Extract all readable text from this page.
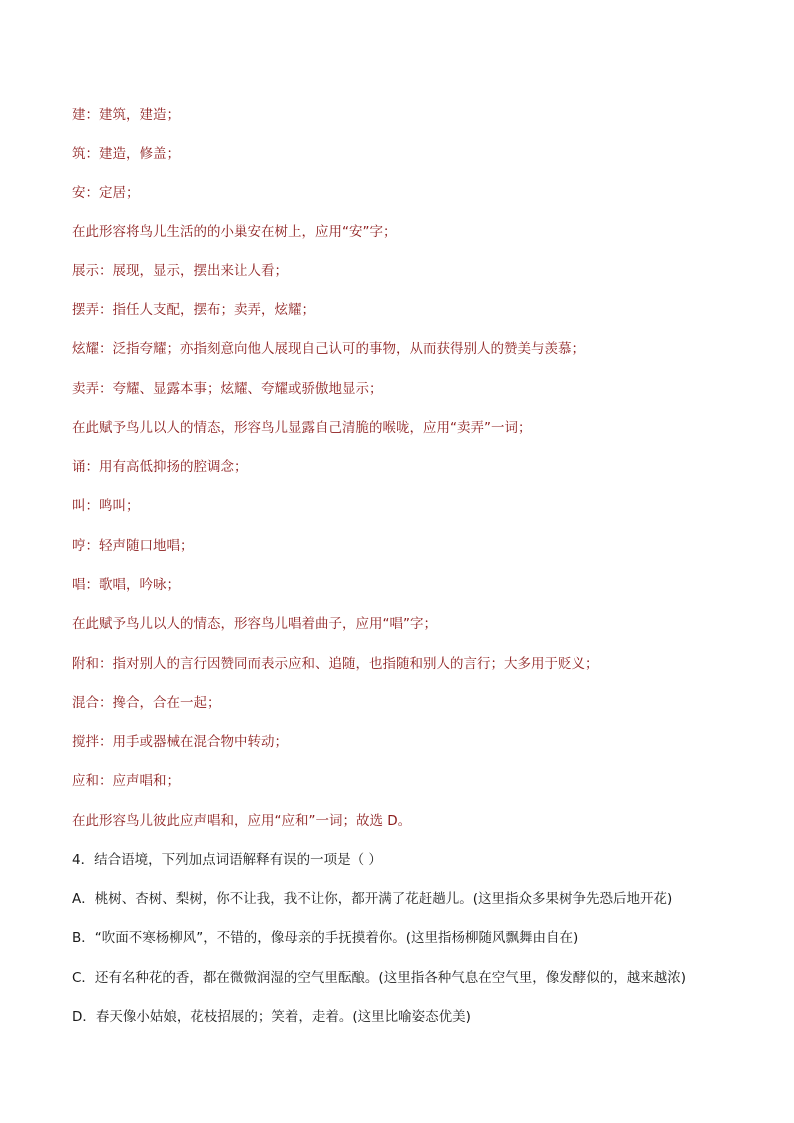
建：建筑，建造；
筑：建造，修盖；
安：定居；
在此形容将鸟儿生活的的小巢安在树上，应用“安”字；
展示：展现，显示，摆出来让人看；
摆弄：指任人支配，摆布；卖弄，炫耀；
炫耀：泛指夸耀；亦指刻意向他人展现自己认可的事物，从而获得别人的赞美与羡慕；
卖弄：夸耀、显露本事；炫耀、夸耀或骄傲地显示；
在此赋予鸟儿以人的情态，形容鸟儿显露自己清脆的喉咙，应用“卖弄”一词；
诵：用有高低抑扬的腔调念；
叫：鸣叫；
哼：轻声随口地唱；
唱：歌唱，吟咏；
在此赋予鸟儿以人的情态，形容鸟儿唱着曲子，应用“唱”字；
附和：指对别人的言行因赞同而表示应和、追随，也指随和别人的言行；大多用于贬义；
混合：搀合，合在一起；
搅拌：用手或器械在混合物中转动；
应和：应声唱和；
在此形容鸟儿彼此应声唱和，应用“应和”一词；故选 D。
4．结合语境，下列加点词语解释有误的一项是（ ）
A．桃树、杏树、梨树，你不让我，我不让你，都开满了花赶趟儿。(这里指众多果树争先恐后地开花)
B．“吹面不寒杨柳风”，不错的，像母亲的手抚摸着你。(这里指杨柳随风飘舞由自在)
C．还有名种花的香，都在微微润湿的空气里酝酿。(这里指各种气息在空气里，像发酵似的，越来越浓)
D．春天像小姑娘，花枝招展的；笑着，走着。(这里比喻姿态优美)
